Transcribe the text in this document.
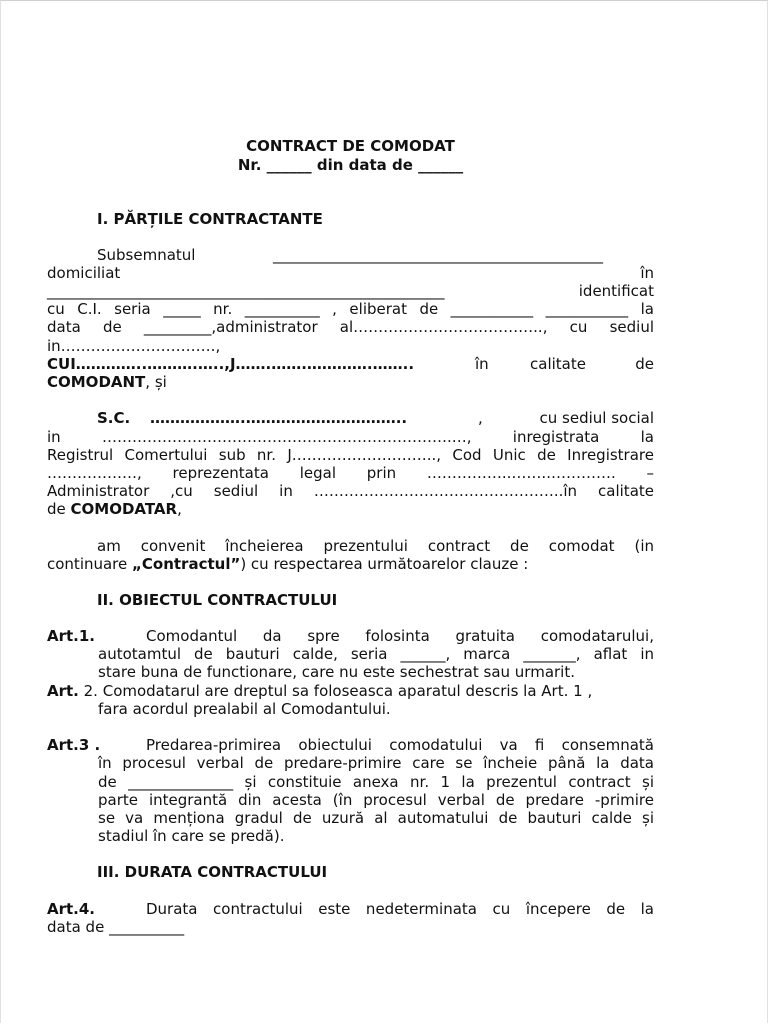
CONTRACT DE COMODAT
Nr. ______ din data de ______
I. PĂRȚILE CONTRACTANTE
Subsemnatul	____________________________________________
domiciliat	în
_____________________________________________________	identificat
cu C.I. seria _____ nr. __________ , eliberat de ___________ ___________ la
data de _________,administrator al……………………………….., cu sediul
in………………………….,
CUI…………..……….…..,J…….…….………….……..	în	calitate	de
COMODANT, și
S.C. ……………….…………………………..	,	cu sediul social
in …………………………………………………………….…, inregistrata la
Registrul Comertului sub nr. J……………………….., Cod Unic de Inregistrare
………………, reprezentata legal prin ……………..……..…………. –
Administrator ,cu sediul in …………………………………………..în calitate
de COMODATAR,
am convenit încheierea prezentului contract de comodat (in
continuare „Contractul”) cu respectarea următoarelor clauze :
II. OBIECTUL CONTRACTULUI
Art.1.	Comodantul da spre folosinta gratuita comodatarului,
autotamtul de bauturi calde, seria ______, marca _______, aflat in
stare buna de functionare, care nu este sechestrat sau urmarit.
Art. 2. Comodatarul are dreptul sa foloseasca aparatul descris la Art. 1 ,
fara acordul prealabil al Comodantului.
Art.3 .	Predarea-primirea obiectului comodatului va fi consemnată
în procesul verbal de predare-primire care se încheie până la data
de ______________ și constituie anexa nr. 1 la prezentul contract și
parte integrantă din acesta (în procesul verbal de predare -primire
se va menționa gradul de uzură al automatului de bauturi calde și
stadiul în care se predă).
III. DURATA CONTRACTULUI
Art.4.	Durata contractului este nedeterminata cu începere de la
data de __________
